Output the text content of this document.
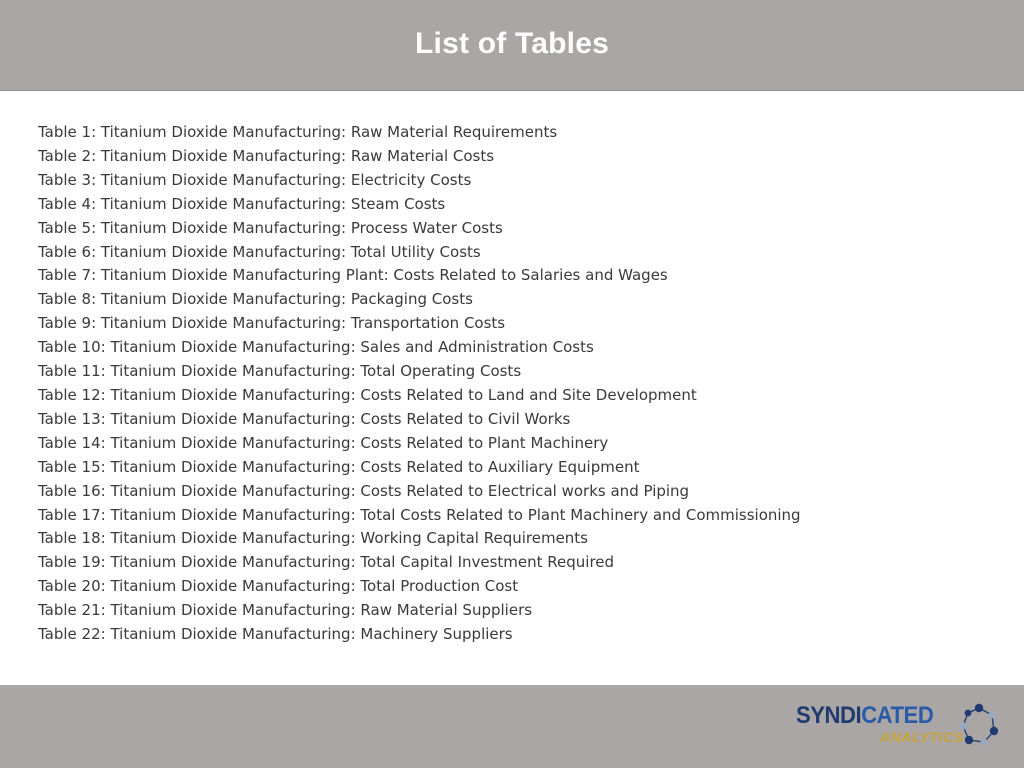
List of Tables
Table 1: Titanium Dioxide Manufacturing: Raw Material Requirements
Table 2: Titanium Dioxide Manufacturing: Raw Material Costs
Table 3: Titanium Dioxide Manufacturing: Electricity Costs
Table 4: Titanium Dioxide Manufacturing: Steam Costs
Table 5: Titanium Dioxide Manufacturing: Process Water Costs
Table 6: Titanium Dioxide Manufacturing: Total Utility Costs
Table 7: Titanium Dioxide Manufacturing Plant: Costs Related to Salaries and Wages
Table 8: Titanium Dioxide Manufacturing: Packaging Costs
Table 9: Titanium Dioxide Manufacturing: Transportation Costs
Table 10: Titanium Dioxide Manufacturing: Sales and Administration Costs
Table 11: Titanium Dioxide Manufacturing: Total Operating Costs
Table 12: Titanium Dioxide Manufacturing: Costs Related to Land and Site Development
Table 13: Titanium Dioxide Manufacturing: Costs Related to Civil Works
Table 14: Titanium Dioxide Manufacturing: Costs Related to Plant Machinery
Table 15: Titanium Dioxide Manufacturing: Costs Related to Auxiliary Equipment
Table 16: Titanium Dioxide Manufacturing: Costs Related to Electrical works and Piping
Table 17: Titanium Dioxide Manufacturing: Total Costs Related to Plant Machinery and Commissioning
Table 18: Titanium Dioxide Manufacturing: Working Capital Requirements
Table 19: Titanium Dioxide Manufacturing: Total Capital Investment Required
Table 20: Titanium Dioxide Manufacturing: Total Production Cost
Table 21: Titanium Dioxide Manufacturing: Raw Material Suppliers
Table 22: Titanium Dioxide Manufacturing: Machinery Suppliers
SYNDICATED
ANALYTICS
